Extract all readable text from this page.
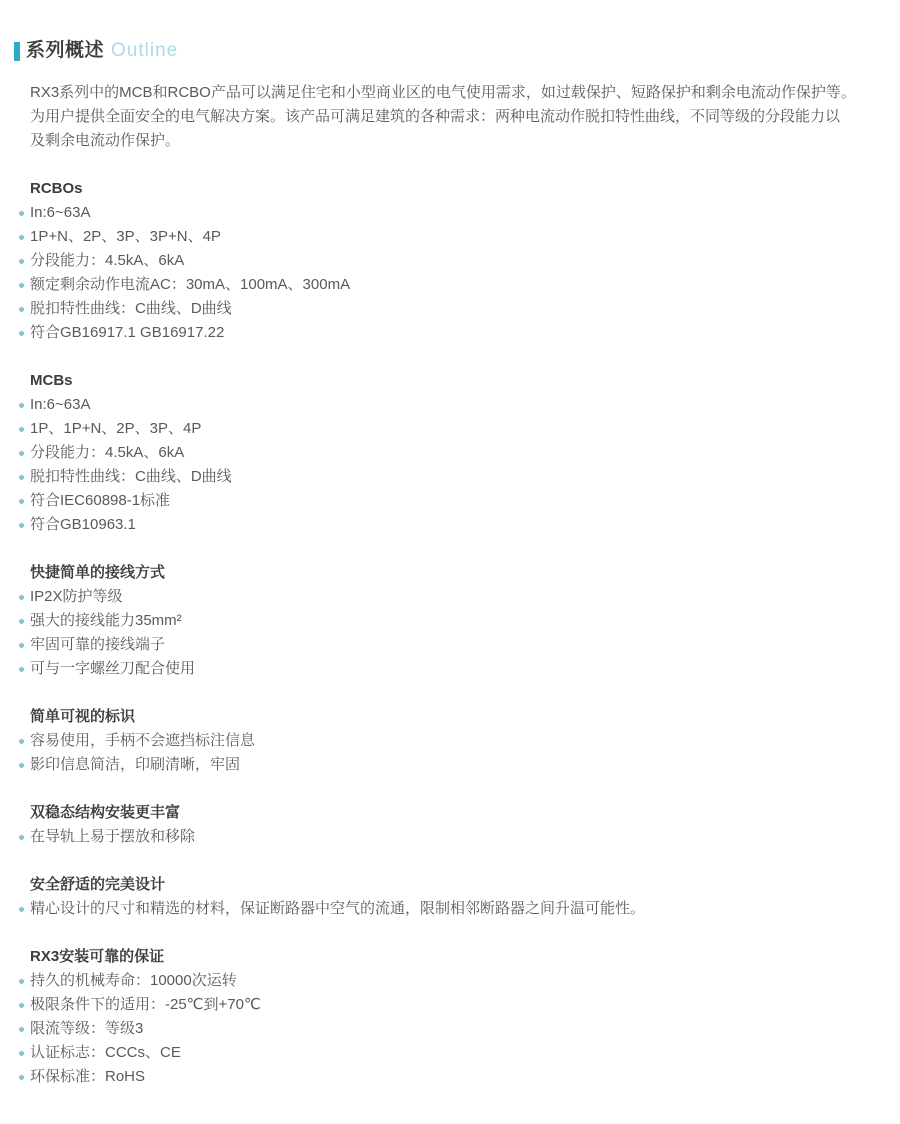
系列概述 Outline
RX3系列中的MCB和RCBO产品可以满足住宅和小型商业区的电气使用需求，如过载保护、短路保护和剩余电流动作保护等。
为用户提供全面安全的电气解决方案。该产品可满足建筑的各种需求：两种电流动作脱扣特性曲线，不同等级的分段能力以
及剩余电流动作保护。
RCBOs
In:6~63A
1P+N、2P、3P、3P+N、4P
分段能力：4.5kA、6kA
额定剩余动作电流AC：30mA、100mA、300mA
脱扣特性曲线：C曲线、D曲线
符合GB16917.1 GB16917.22
MCBs
In:6~63A
1P、1P+N、2P、3P、4P
分段能力：4.5kA、6kA
脱扣特性曲线：C曲线、D曲线
符合IEC60898-1标准
符合GB10963.1
快捷简单的接线方式
IP2X防护等级
强大的接线能力35mm²
牢固可靠的接线端子
可与一字螺丝刀配合使用
简单可视的标识
容易使用，手柄不会遮挡标注信息
影印信息简洁，印刷清晰，牢固
双稳态结构安装更丰富
在导轨上易于摆放和移除
安全舒适的完美设计
精心设计的尺寸和精选的材料，保证断路器中空气的流通，限制相邻断路器之间升温可能性。
RX3安装可靠的保证
持久的机械寿命：10000次运转
极限条件下的适用：-25℃到+70℃
限流等级：等级3
认证标志：CCCs、CE
环保标准：RoHS
